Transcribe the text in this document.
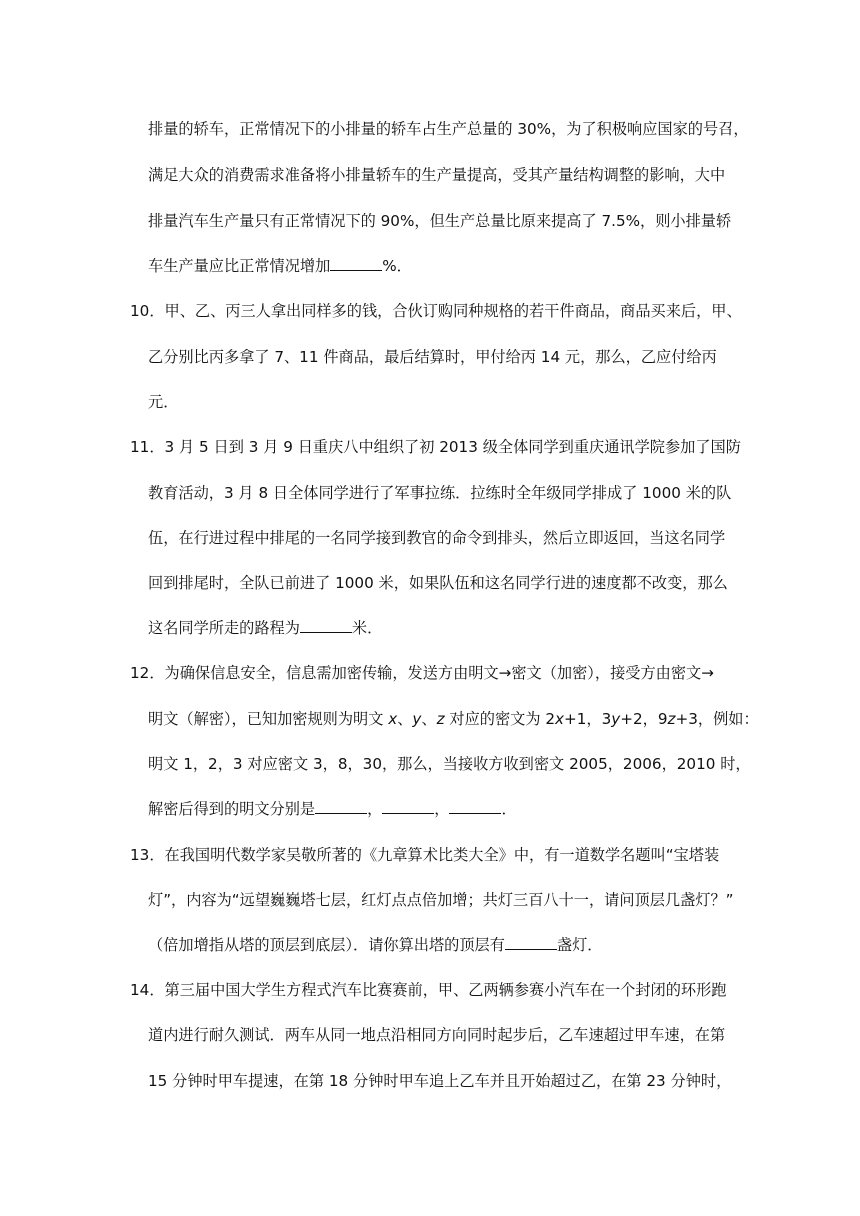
排量的轿车，正常情况下的小排量的轿车占生产总量的 30%，为了积极响应国家的号召，
满足大众的消费需求准备将小排量轿车的生产量提高，受其产量结构调整的影响，大中
排量汽车生产量只有正常情况下的 90%，但生产总量比原来提高了 7.5%，则小排量轿
车生产量应比正常情况增加	%．
10．甲、乙、丙三人拿出同样多的钱，合伙订购同种规格的若干件商品，商品买来后，甲、
乙分别比丙多拿了 7、11 件商品，最后结算时，甲付给丙 14 元，那么，乙应付给丙
元．
11．3 月 5 日到 3 月 9 日重庆八中组织了初 2013 级全体同学到重庆通讯学院参加了国防
教育活动，3 月 8 日全体同学进行了军事拉练．拉练时全年级同学排成了 1000 米的队
伍，在行进过程中排尾的一名同学接到教官的命令到排头，然后立即返回，当这名同学
回到排尾时，全队已前进了 1000 米，如果队伍和这名同学行进的速度都不改变，那么
这名同学所走的路程为	米．
12．为确保信息安全，信息需加密传输，发送方由明文→密文（加密），接受方由密文→
明文（解密），已知加密规则为明文 x、y、z 对应的密文为 2x+1，3y+2，9z+3，例如：
明文 1，2，3 对应密文 3，8，30，那么，当接收方收到密文 2005，2006，2010 时，
解密后得到的明文分别是	，	，	．
13．在我国明代数学家吴敬所著的《九章算术比类大全》中，有一道数学名题叫“宝塔装
灯”，内容为“远望巍巍塔七层，红灯点点倍加增；共灯三百八十一，请问顶层几盏灯？”
（倍加增指从塔的顶层到底层）．请你算出塔的顶层有	盏灯．
14．第三届中国大学生方程式汽车比赛赛前，甲、乙两辆参赛小汽车在一个封闭的环形跑
道内进行耐久测试．两车从同一地点沿相同方向同时起步后，乙车速超过甲车速，在第
15 分钟时甲车提速，在第 18 分钟时甲车追上乙车并且开始超过乙，在第 23 分钟时，
